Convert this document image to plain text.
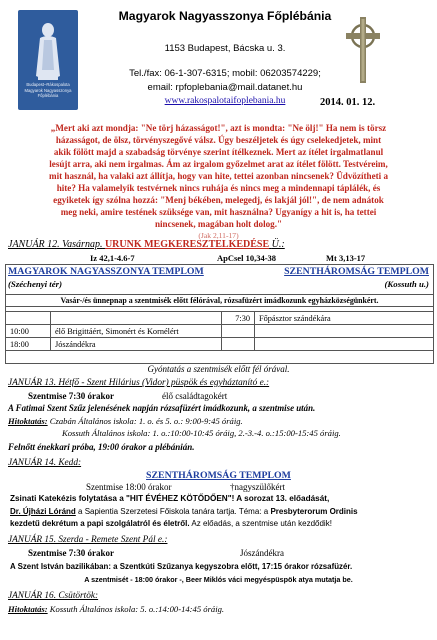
Budapest–Rákospalota Magyarok Nagyasszonya Főplébánia
Magyarok Nagyasszonya Főplébánia
1153 Budapest, Bácska u. 3.
Tel./fax: 06-1-307-6315; mobil: 06203574229;
email: rpfoplebania@mail.datanet.hu
www.rakospalotaifoplebania.hu	2014. 01. 12.
„Mert aki azt mondja: "Ne törj házasságot!", azt is mondta: "Ne ölj!" Ha nem is törsz
házasságot, de ölsz, törvényszegővé válsz. Úgy beszéljetek és úgy cselekedjetek, mint
akik fölött majd a szabadság törvénye szerint ítélkeznek. Mert az ítélet irgalmatlanul
lesújt arra, aki nem irgalmas. Ám az irgalom győzelmet arat az ítélet fölött. Testvéreim,
mit használ, ha valaki azt állítja, hogy van hite, tettei azonban nincsenek? Üdvözítheti a
hite? Ha valamelyik testvérnek nincs ruhája és nincs meg a mindennapi táplálék, és
egyiketek így szólna hozzá: "Menj békében, melegedj, és lakjál jól!", de nem adnátok
meg neki, amire testének szüksége van, mit használna? Ugyanígy a hit is, ha tettei
nincsenek, magában holt dolog."
(Jak 2,11-17)
JANUÁR 12. Vasárnap. URUNK MEGKERESZTELKEDÉSE Ü.:
Iz 42,1-4.6-7	ApCsel 10,34-38	Mt 3,13-17
MAGYAROK NAGYASSZONYA TEMPLOM	SZENTHÁROMSÁG TEMPLOM
(Széchenyi tér)	(Kossuth u.)
Vasár-/és ünnepnap a szentmisék előtt félórával, rózsafüzért imádkozunk egyházközségünkért.
		7:30	Főpásztor szándékára
10:00	élő Brigittáért, Simonért és Kornélért		
18:00	Jószándékra		
Gyóntatás a szentmisék előtt fél órával.
JANUÁR 13. Hétfő - Szent Hilárius (Vidor) püspök és egyháztanító e.:
Szentmise 7:30 órakor	élő családtagokért
A Fatimai Szent Szűz jelenésének napján rózsafüzért imádkozunk, a szentmise után.
Hitoktatás: Czabán Általános iskola: 1. o. és 5. o.: 9:00-9:45 óráig.
Kossuth Általános iskola: 1. o.:10:00-10:45 óráig, 2.-3.-4. o.:15:00-15:45 óráig.
Felnőtt énekkari próba, 19:00 órakor a plébánián.
JANUÁR 14. Kedd:
SZENTHÁROMSÁG TEMPLOM
Szentmise 18:00 órakor	†nagyszülőkért
Zsinati Katekézis folytatása a "HIT ÉVÉHEZ KÖTŐDŐEN"! A sorozat 13. előadását,
Dr. Újházi Lóránd a Sapientia Szerzetesi Főiskola tanára tartja. Téma: a Presbyterorum Ordinis
kezdetű dekrétum a papi szolgálatról és életről. Az előadás, a szentmise után kezdődik!
JANUÁR 15. Szerda - Remete Szent Pál e.:
Szentmise 7:30 órakor	Jószándékra
A Szent István bazilikában: a Szentkúti Szűzanya kegyszobra előtt, 17:15 órakor rózsafüzér.
A szentmisét - 18:00 órakor -, Beer Miklós váci megyéspüspök atya mutatja be.
JANUÁR 16. Csütörtök:
Hitoktatás: Kossuth Általános iskola: 5. o.:14:00-14:45 óráig.
